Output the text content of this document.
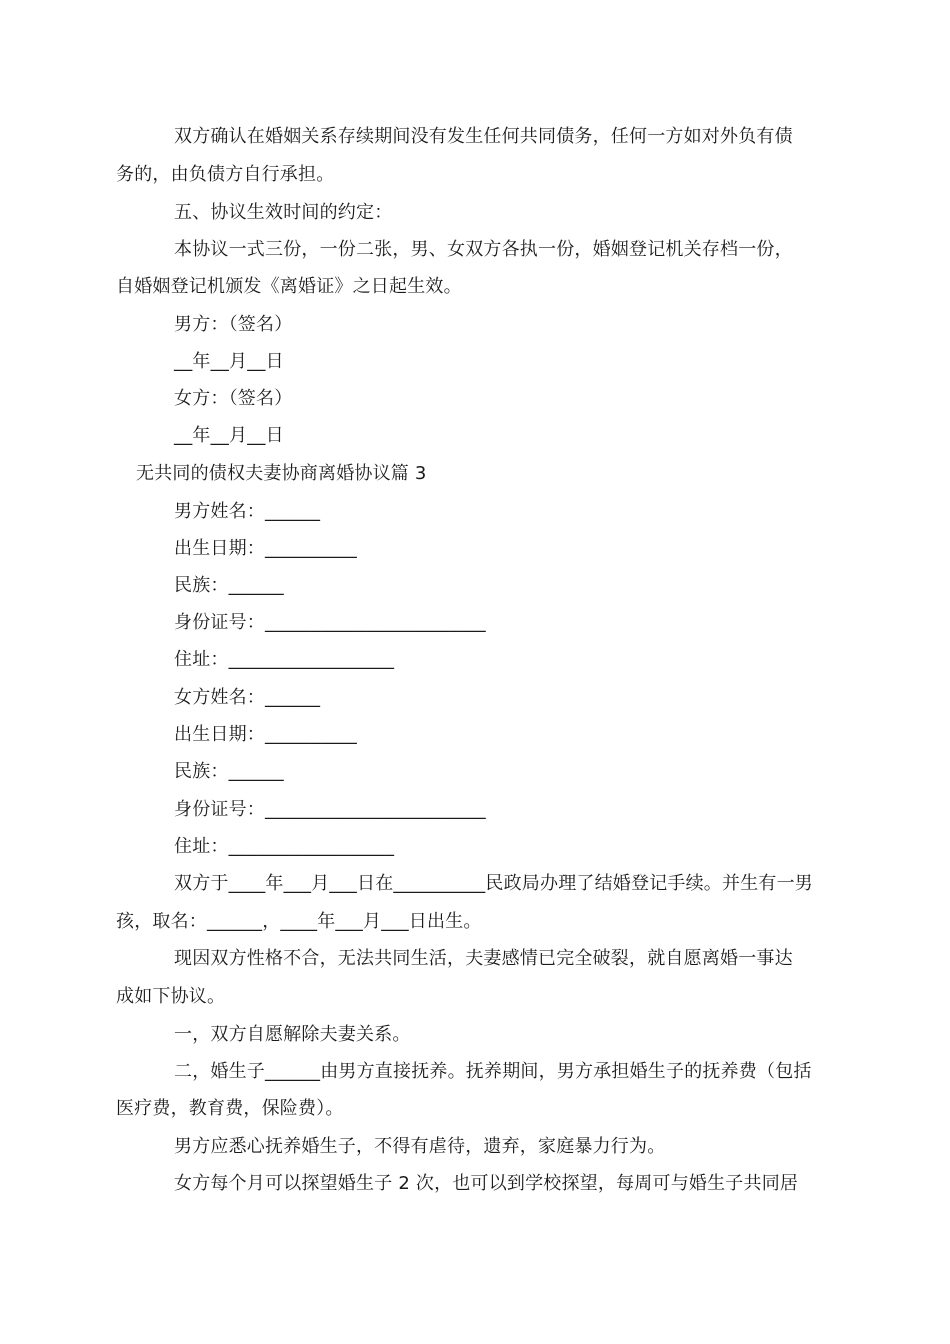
双方确认在婚姻关系存续期间没有发生任何共同债务，任何一方如对外负有债
务的，由负债方自行承担。
五、协议生效时间的约定：
本协议一式三份，一份二张，男、女双方各执一份，婚姻登记机关存档一份，
自婚姻登记机颁发《离婚证》之日起生效。
男方：（签名）
__年__月__日
女方：（签名）
__年__月__日
无共同的债权夫妻协商离婚协议篇 3
男方姓名：______
出生日期：__________
民族：______
身份证号：________________________
住址：__________________
女方姓名：______
出生日期：__________
民族：______
身份证号：________________________
住址：__________________
双方于____年___月___日在__________民政局办理了结婚登记手续。并生有一男
孩，取名：______，____年___月___日出生。
现因双方性格不合，无法共同生活，夫妻感情已完全破裂，就自愿离婚一事达
成如下协议。
一，双方自愿解除夫妻关系。
二，婚生子______由男方直接抚养。抚养期间，男方承担婚生子的抚养费（包括
医疗费，教育费，保险费）。
男方应悉心抚养婚生子，不得有虐待，遗弃，家庭暴力行为。
女方每个月可以探望婚生子 2 次，也可以到学校探望，每周可与婚生子共同居
